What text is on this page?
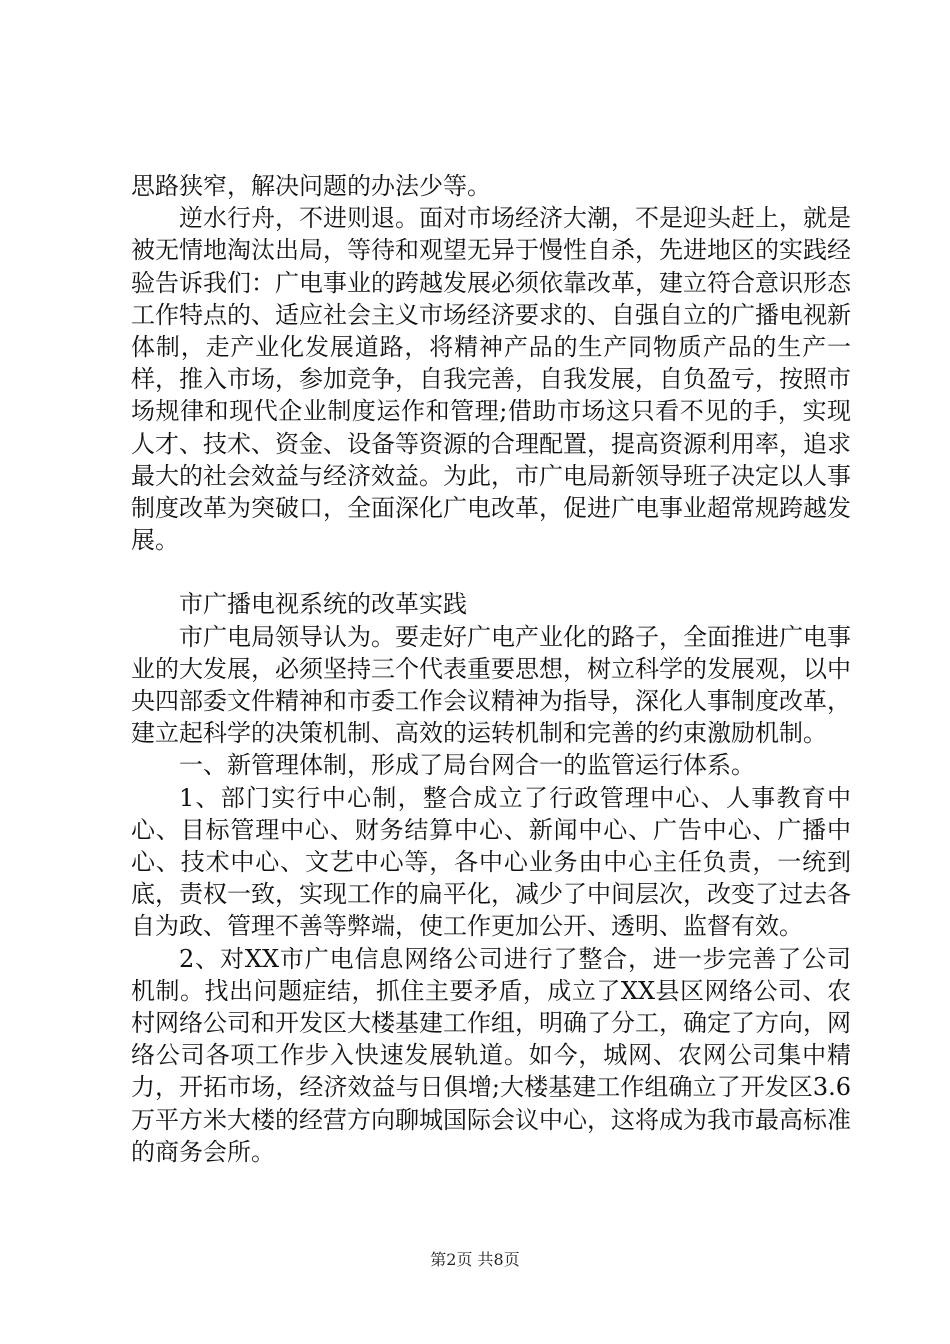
思路狭窄，解决问题的办法少等。

逆水行舟，不进则退。面对市场经济大潮，不是迎头赶上，就是被无情地淘汰出局，等待和观望无异于慢性自杀，先进地区的实践经验告诉我们：广电事业的跨越发展必须依靠改革，建立符合意识形态工作特点的、适应社会主义市场经济要求的、自强自立的广播电视新体制，走产业化发展道路，将精神产品的生产同物质产品的生产一样，推入市场，参加竞争，自我完善，自我发展，自负盈亏，按照市场规律和现代企业制度运作和管理;借助市场这只看不见的手，实现人才、技术、资金、设备等资源的合理配置，提高资源利用率，追求最大的社会效益与经济效益。为此，市广电局新领导班子决定以人事制度改革为突破口，全面深化广电改革，促进广电事业超常规跨越发展。

市广播电视系统的改革实践

市广电局领导认为。要走好广电产业化的路子，全面推进广电事业的大发展，必须坚持三个代表重要思想，树立科学的发展观，以中央四部委文件精神和市委工作会议精神为指导，深化人事制度改革，建立起科学的决策机制、高效的运转机制和完善的约束激励机制。

一、新管理体制，形成了局台网合一的监管运行体系。

1、部门实行中心制，整合成立了行政管理中心、人事教育中心、目标管理中心、财务结算中心、新闻中心、广告中心、广播中心、技术中心、文艺中心等，各中心业务由中心主任负责，一统到底，责权一致，实现工作的扁平化，减少了中间层次，改变了过去各自为政、管理不善等弊端，使工作更加公开、透明、监督有效。

2、对XX市广电信息网络公司进行了整合，进一步完善了公司机制。找出问题症结，抓住主要矛盾，成立了XX县区网络公司、农村网络公司和开发区大楼基建工作组，明确了分工，确定了方向，网络公司各项工作步入快速发展轨道。如今，城网、农网公司集中精力，开拓市场，经济效益与日俱增;大楼基建工作组确立了开发区3.6万平方米大楼的经营方向聊城国际会议中心，这将成为我市最高标准的商务会所。

第2页 共8页
